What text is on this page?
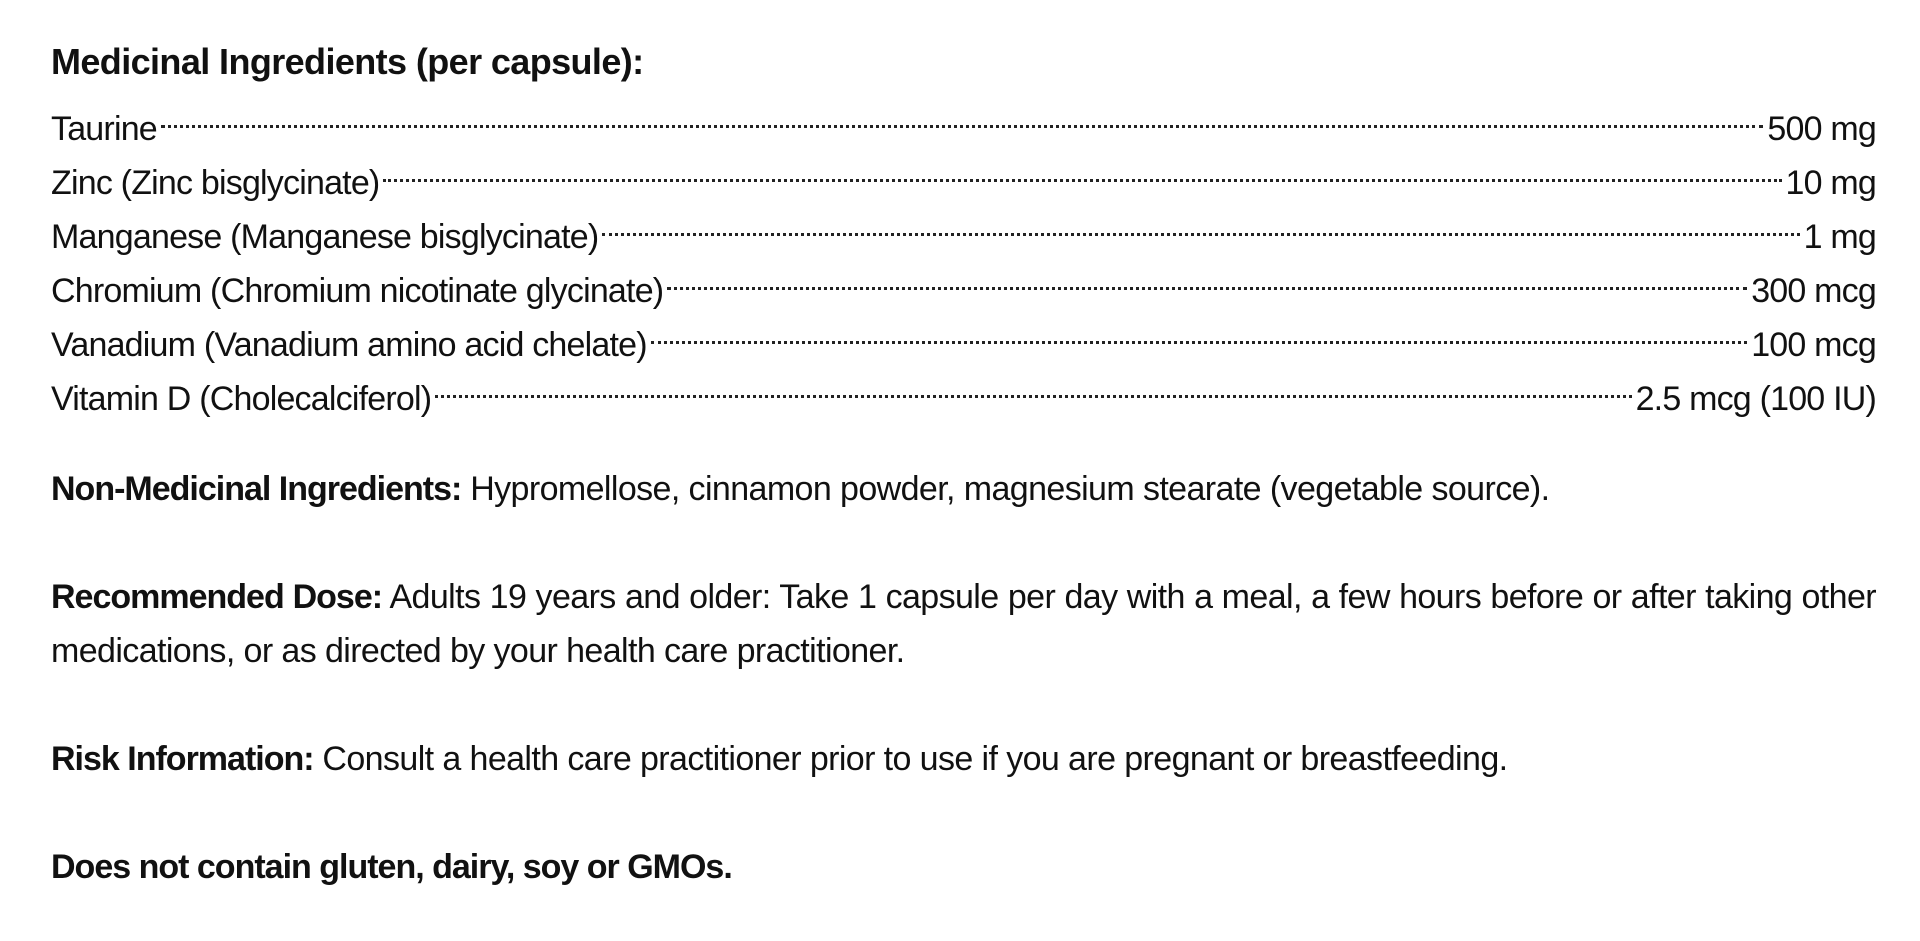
Medicinal Ingredients (per capsule):
Taurine	500 mg
Zinc (Zinc bisglycinate)	10 mg
Manganese (Manganese bisglycinate)	1 mg
Chromium (Chromium nicotinate glycinate)	300 mcg
Vanadium (Vanadium amino acid chelate)	100 mcg
Vitamin D (Cholecalciferol)	2.5 mcg (100 IU)

Non-Medicinal Ingredients: Hypromellose, cinnamon powder, magnesium stearate (vegetable source).

Recommended Dose: Adults 19 years and older: Take 1 capsule per day with a meal, a few hours before or after taking other medications, or as directed by your health care practitioner.

Risk Information: Consult a health care practitioner prior to use if you are pregnant or breastfeeding.

Does not contain gluten, dairy, soy or GMOs.
